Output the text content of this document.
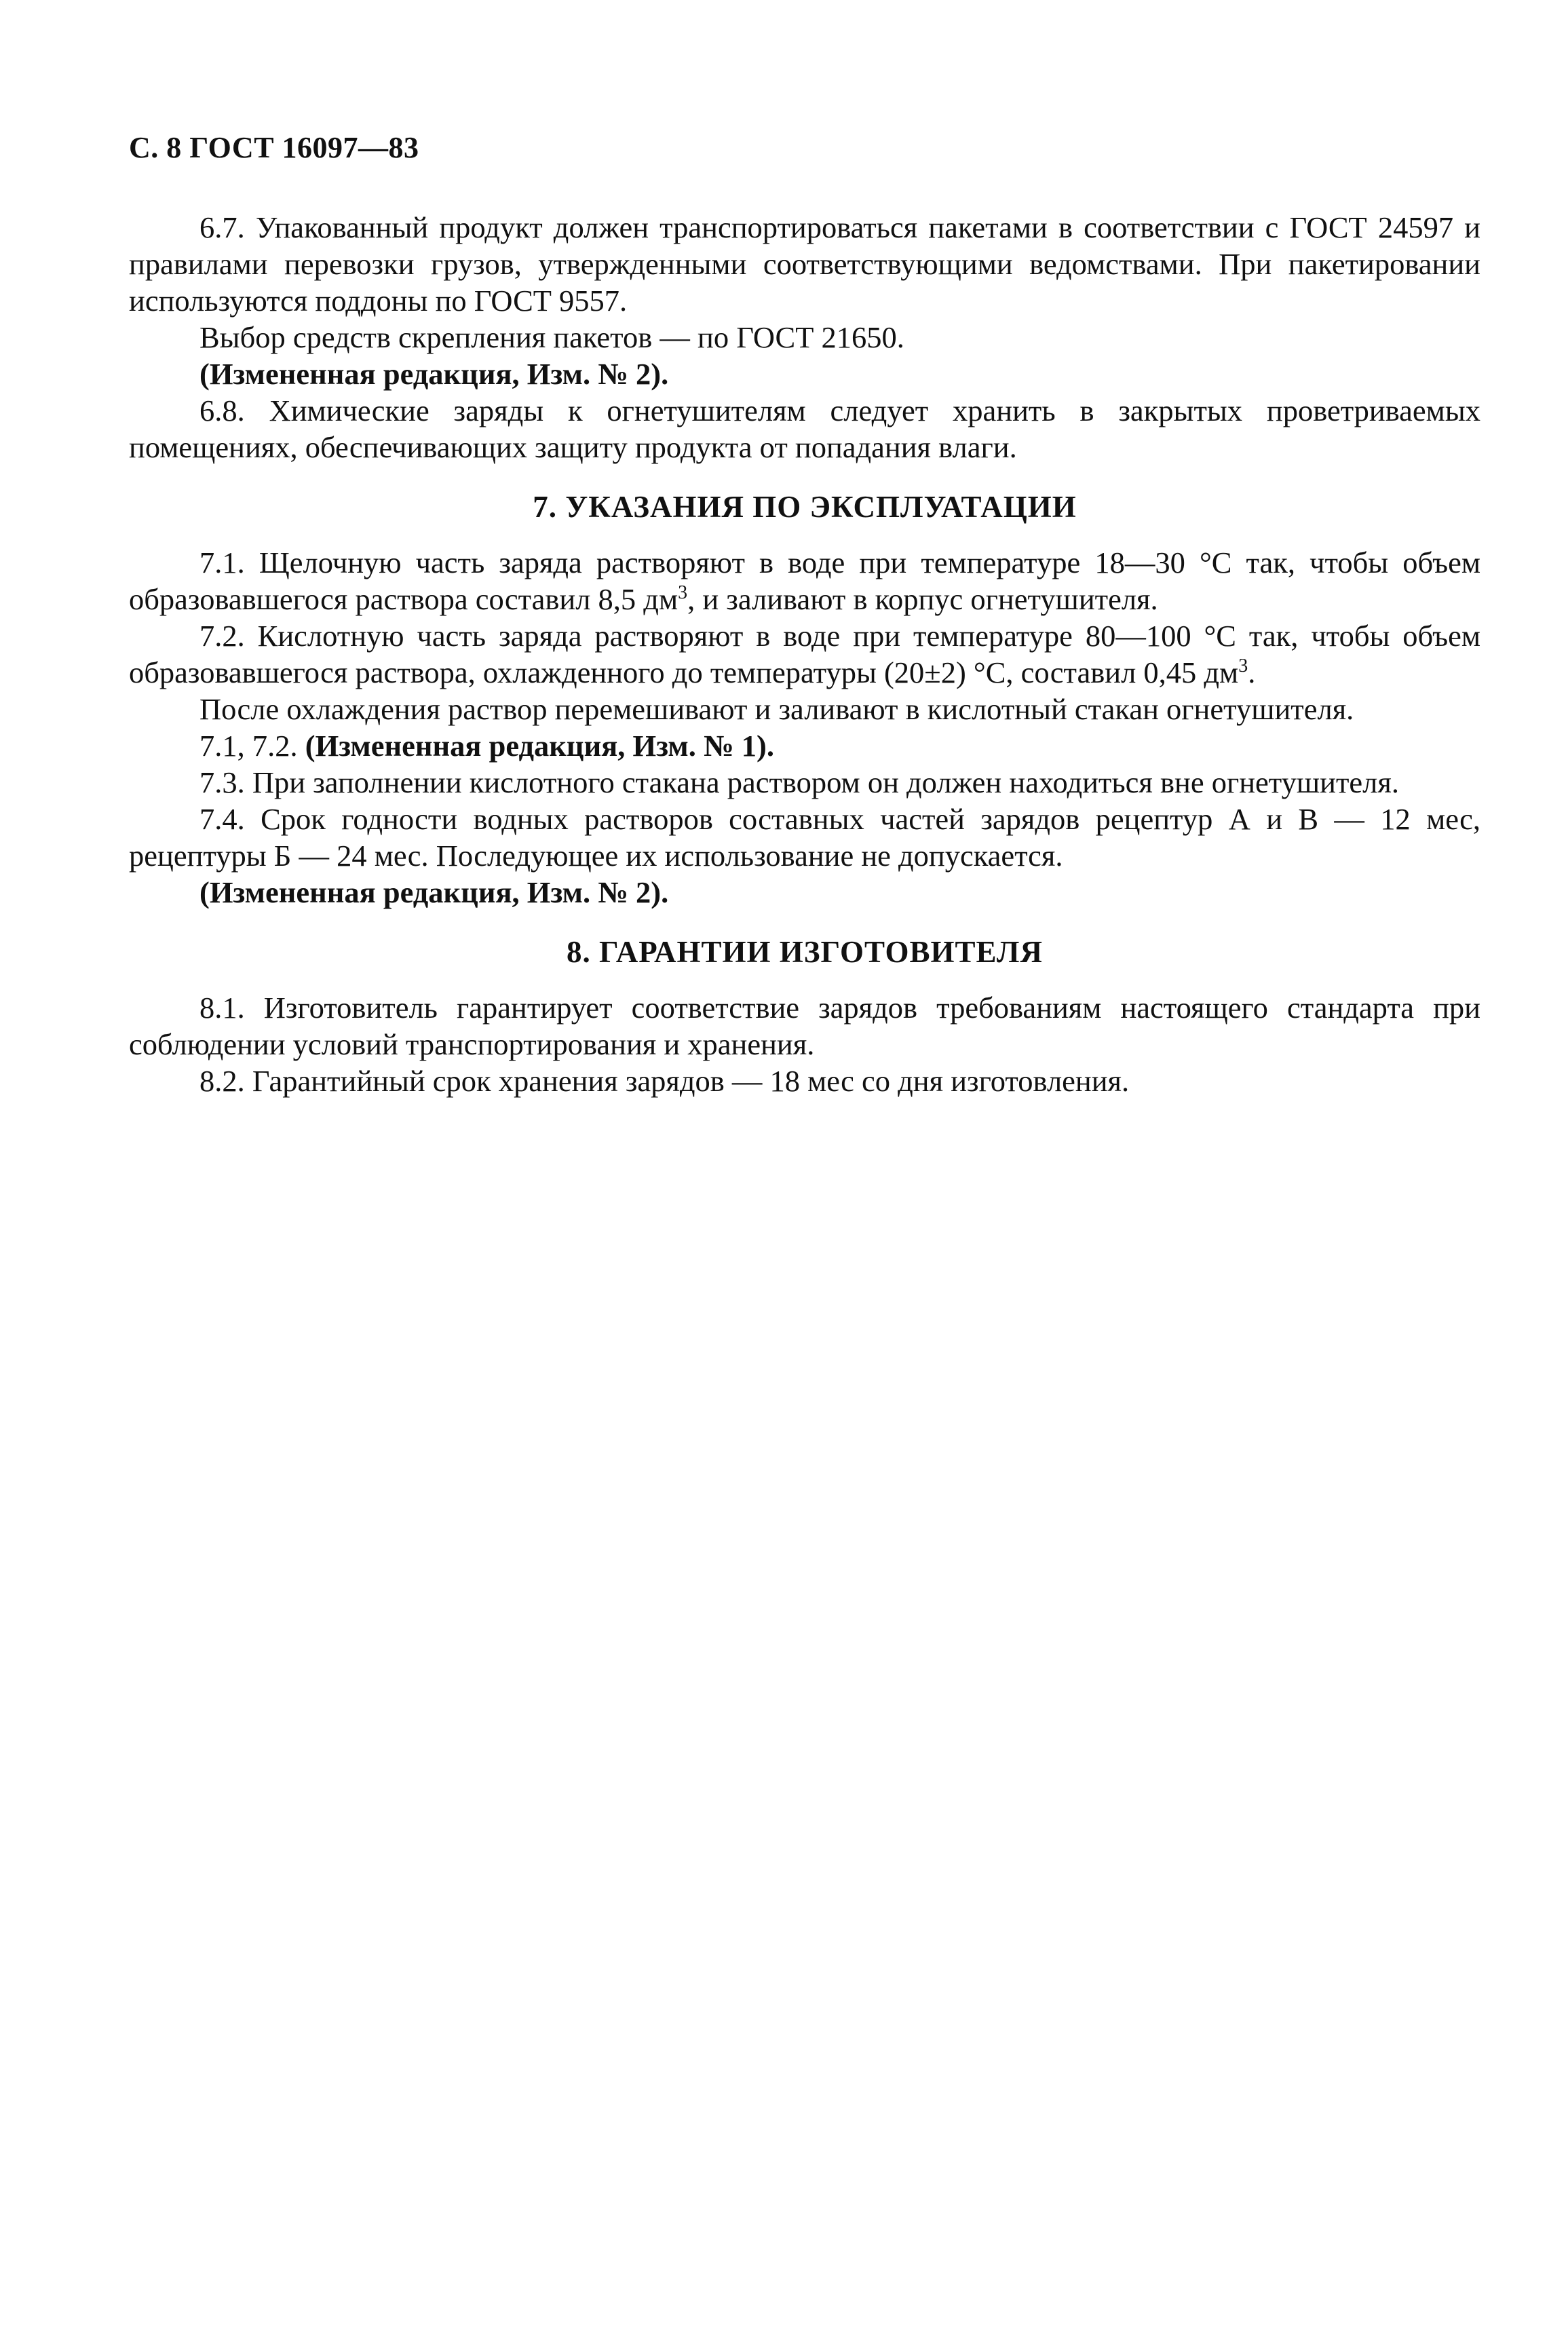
С. 8 ГОСТ 16097—83

6.7. Упакованный продукт должен транспортироваться пакетами в соответствии с ГОСТ 24597 и правилами перевозки грузов, утвержденными соответствующими ведомствами. При пакетировании используются поддоны по ГОСТ 9557.

Выбор средств скрепления пакетов — по ГОСТ 21650.

(Измененная редакция, Изм. № 2).

6.8. Химические заряды к огнетушителям следует хранить в закрытых проветриваемых помещениях, обеспечивающих защиту продукта от попадания влаги.

7. УКАЗАНИЯ ПО ЭКСПЛУАТАЦИИ

7.1. Щелочную часть заряда растворяют в воде при температуре 18—30 °С так, чтобы объем образовавшегося раствора составил 8,5 $дм^3$, и заливают в корпус огнетушителя.

7.2. Кислотную часть заряда растворяют в воде при температуре 80—100 °С так, чтобы объем образовавшегося раствора, охлажденного до температуры (20±2) °С, составил 0,45 $дм^3$.

После охлаждения раствор перемешивают и заливают в кислотный стакан огнетушителя.

7.1, 7.2. (Измененная редакция, Изм. № 1).

7.3. При заполнении кислотного стакана раствором он должен находиться вне огнетушителя.

7.4. Срок годности водных растворов составных частей зарядов рецептур А и В — 12 мес, рецептуры Б — 24 мес. Последующее их использование не допускается.

(Измененная редакция, Изм. № 2).

8. ГАРАНТИИ ИЗГОТОВИТЕЛЯ

8.1. Изготовитель гарантирует соответствие зарядов требованиям настоящего стандарта при соблюдении условий транспортирования и хранения.

8.2. Гарантийный срок хранения зарядов — 18 мес со дня изготовления.
